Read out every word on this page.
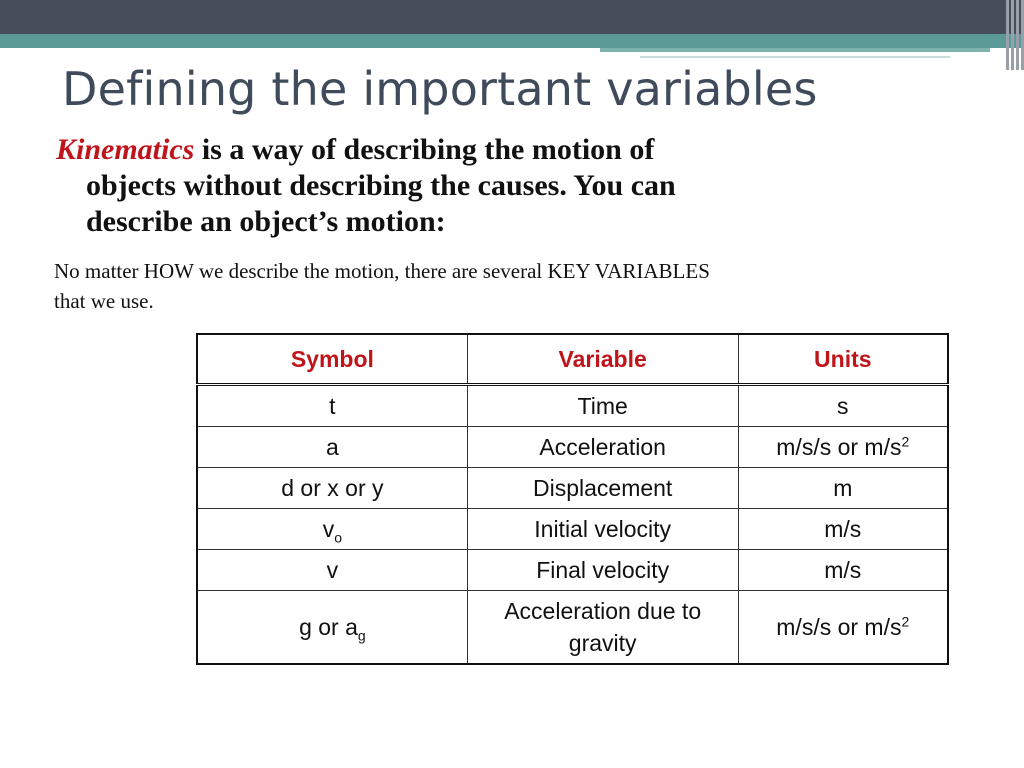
Defining the important variables

Kinematics is a way of describing the motion of
objects without describing the causes. You can
describe an object’s motion:

No matter HOW we describe the motion, there are several KEY VARIABLES
that we use.

Symbol	Variable	Units
t	Time	s
a	Acceleration	m/s/s or $m/s^2$
d or x or y	Displacement	m
$v_o$	Initial velocity	m/s
v	Final velocity	m/s
g or $a_g$	Acceleration due to gravity	m/s/s or $m/s^2$
